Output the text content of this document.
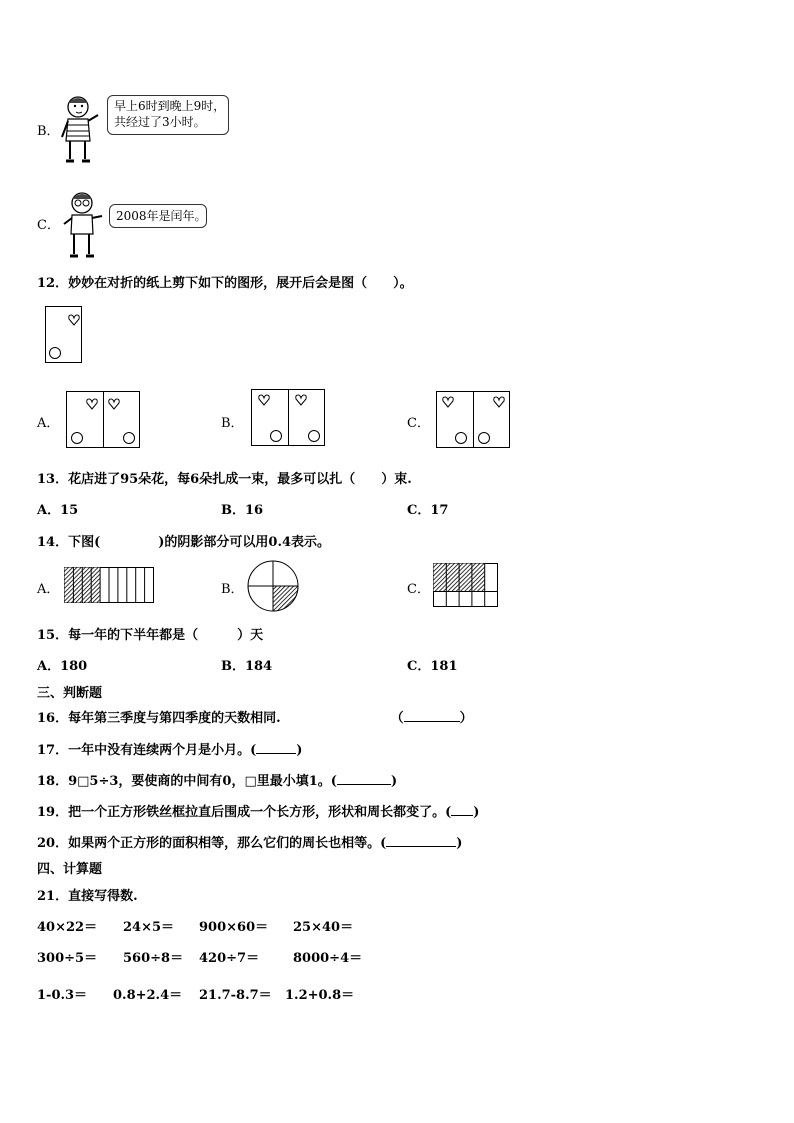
B．
早上6时到晚上9时，
共经过了3小时。
C．
2008年是闰年。
12．妙妙在对折的纸上剪下如下的图形，展开后会是图（　　）。
A．	B．	C．
13．花店进了95朵花，每6朵扎成一束，最多可以扎（　　）束.
A．15	B．16	C．17
14．下图(	)的阴影部分可以用0.4表示。
A．	B．	C．
15．每一年的下半年都是（　　　）天
A．180	B．184	C．181
三、判断题
16．每年第三季度与第四季度的天数相同.	（	）
17．一年中没有连续两个月是小月。(	)
18．9□5÷3，要使商的中间有0，□里最小填1。(	)
19．把一个正方形铁丝框拉直后围成一个长方形，形状和周长都变了。( )
20．如果两个正方形的面积相等，那么它们的周长也相等。(	)
四、计算题
21．直接写得数.
40×22＝ 24×5＝ 900×60＝ 25×40＝
300÷5＝ 560÷8＝ 420÷7＝	8000÷4＝
1-0.3＝ 0.8+2.4＝ 21.7-8.7＝ 1.2+0.8＝
